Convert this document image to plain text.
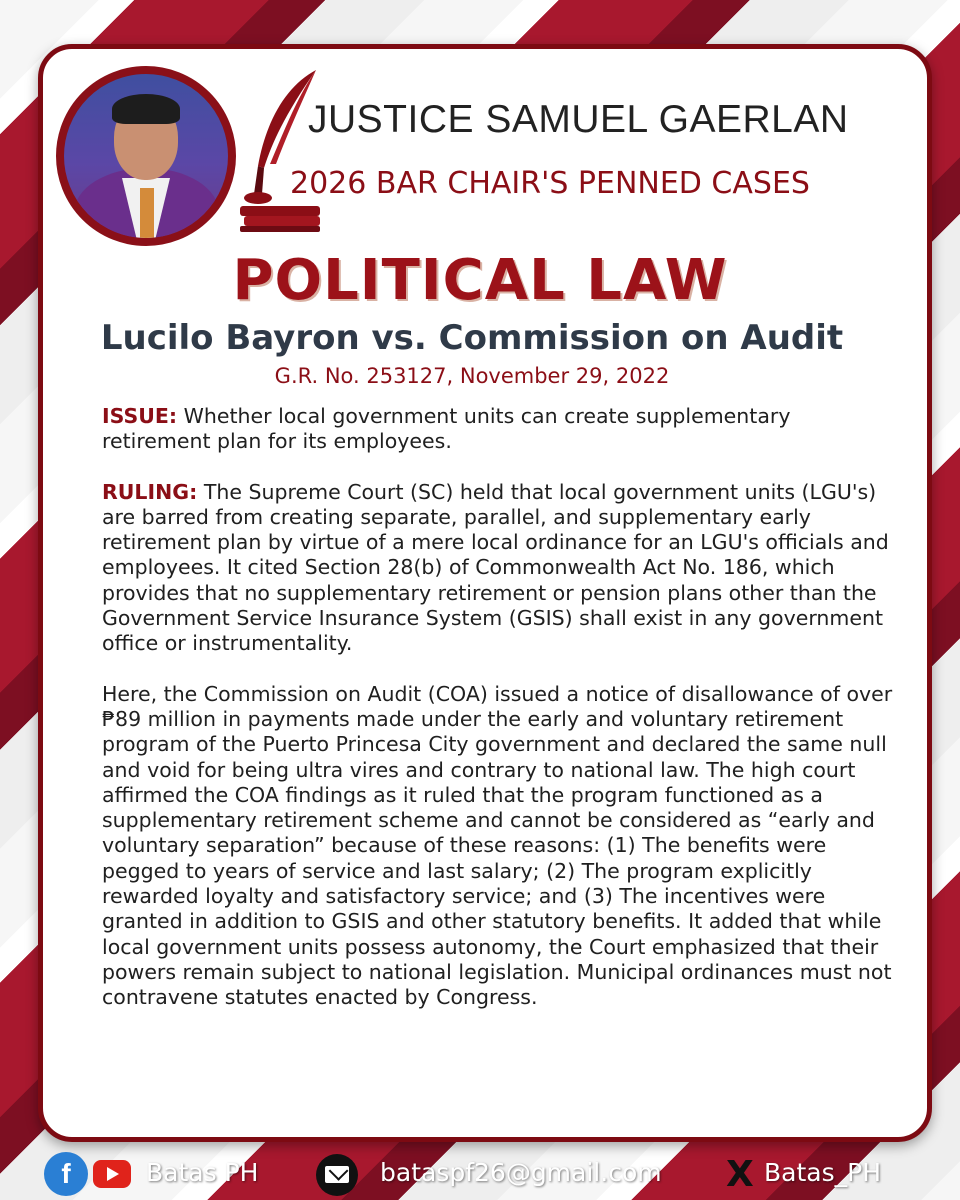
JUSTICE SAMUEL GAERLAN
2026 BAR CHAIR'S PENNED CASES
POLITICAL LAW
Lucilo Bayron vs. Commission on Audit
G.R. No. 253127, November 29, 2022

ISSUE: Whether local government units can create supplementary retirement plan for its employees.

RULING: The Supreme Court (SC) held that local government units (LGU's) are barred from creating separate, parallel, and supplementary early retirement plan by virtue of a mere local ordinance for an LGU's officials and employees. It cited Section 28(b) of Commonwealth Act No. 186, which provides that no supplementary retirement or pension plans other than the Government Service Insurance System (GSIS) shall exist in any government office or instrumentality.

Here, the Commission on Audit (COA) issued a notice of disallowance of over ₱89 million in payments made under the early and voluntary retirement program of the Puerto Princesa City government and declared the same null and void for being ultra vires and contrary to national law. The high court affirmed the COA findings as it ruled that the program functioned as a supplementary retirement scheme and cannot be considered as “early and voluntary separation” because of these reasons: (1) The benefits were pegged to years of service and last salary; (2) The program explicitly rewarded loyalty and satisfactory service; and (3) The incentives were granted in addition to GSIS and other statutory benefits. It added that while local government units possess autonomy, the Court emphasized that their powers remain subject to national legislation. Municipal ordinances must not contravene statutes enacted by Congress.

f	Batas PH	bataspf26@gmail.com X Batas_PH
